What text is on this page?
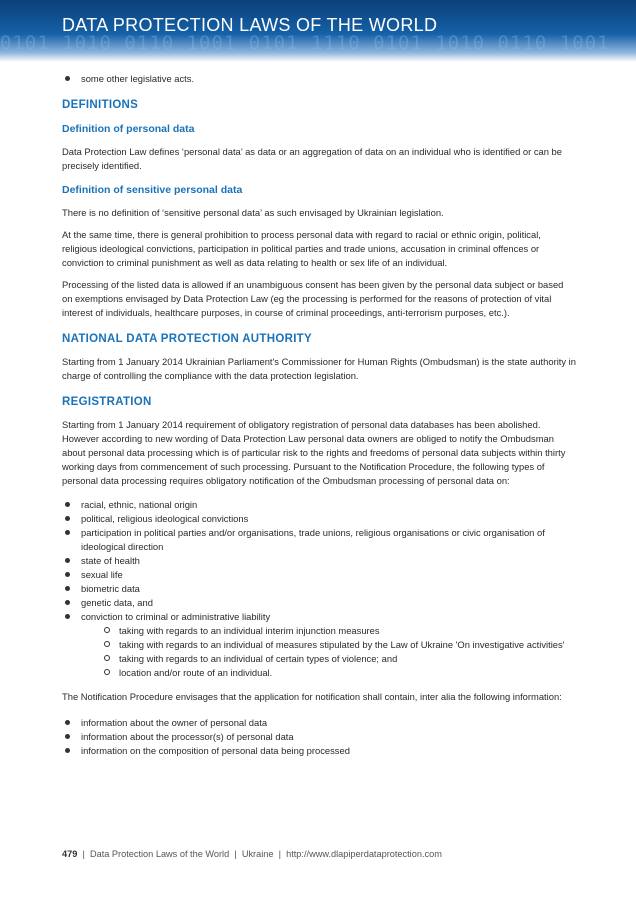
0101 1010 0110 1001 0101 1110 0101 1010 0110 1001

DATA PROTECTION LAWS OF THE WORLD
some other legislative acts.
DEFINITIONS
Definition of personal data

Data Protection Law defines ‘personal data’ as data or an aggregation of data on an individual who is identified or can be precisely identified.

Definition of sensitive personal data

There is no definition of ‘sensitive personal data’ as such envisaged by Ukrainian legislation.

At the same time, there is general prohibition to process personal data with regard to racial or ethnic origin, political, religious ideological convictions, participation in political parties and trade unions, accusation in criminal offences or conviction to criminal punishment as well as data relating to health or sex life of an individual.

Processing of the listed data is allowed if an unambiguous consent has been given by the personal data subject or based on exemptions envisaged by Data Protection Law (eg the processing is performed for the reasons of protection of vital interest of individuals, healthcare purposes, in course of criminal proceedings, anti-terrorism purposes, etc.).

NATIONAL DATA PROTECTION AUTHORITY

Starting from 1 January 2014 Ukrainian Parliament's Commissioner for Human Rights (Ombudsman) is the state authority in charge of controlling the compliance with the data protection legislation.

REGISTRATION

Starting from 1 January 2014 requirement of obligatory registration of personal data databases has been abolished. However according to new wording of Data Protection Law personal data owners are obliged to notify the Ombudsman about personal data processing which is of particular risk to the rights and freedoms of personal data subjects within thirty working days from commencement of such processing. Pursuant to the Notification Procedure, the following types of personal data processing requires obligatory notification of the Ombudsman processing of personal data on:

racial, ethnic, national origin
political, religious ideological convictions
participation in political parties and/or organisations, trade unions, religious organisations or civic organisation of ideological direction
state of health
sexual life
biometric data
genetic data, and
conviction to criminal or administrative liability
taking with regards to an individual interim injunction measures
taking with regards to an individual of measures stipulated by the Law of Ukraine 'On investigative activities'
taking with regards to an individual of certain types of violence; and
location and/or route of an individual.

The Notification Procedure envisages that the application for notification shall contain, inter alia the following information:

information about the owner of personal data
information about the processor(s) of personal data
information on the composition of personal data being processed
479 | Data Protection Laws of the World | Ukraine | http://www.dlapiperdataprotection.com
